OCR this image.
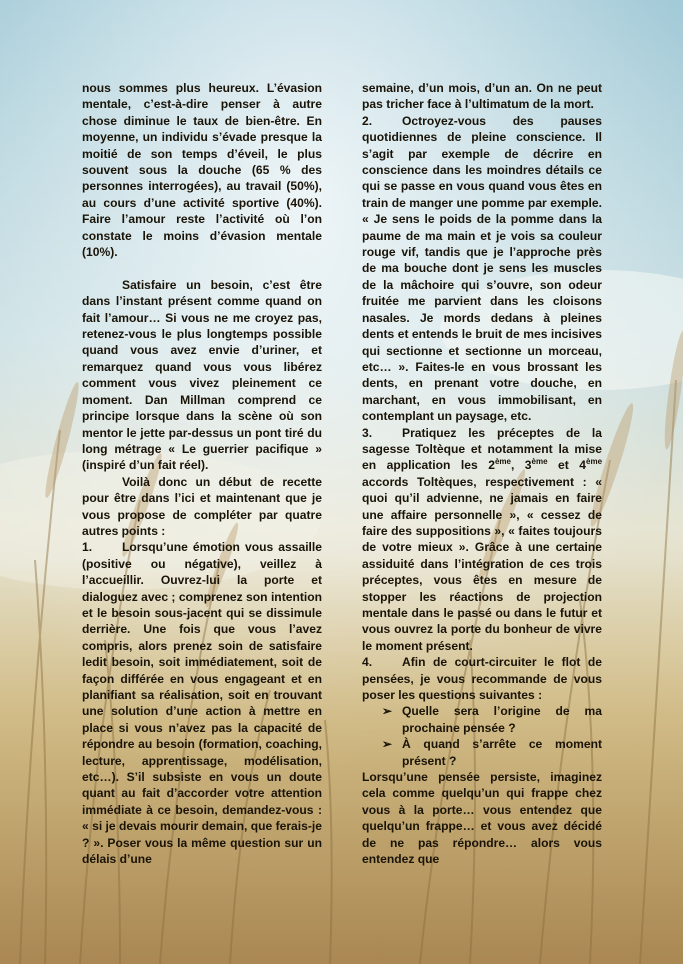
nous sommes plus heureux. L’évasion mentale, c’est-à-dire penser à autre chose diminue le taux de bien-être. En moyenne, un individu s’évade presque la moitié de son temps d’éveil, le plus souvent sous la douche (65 % des personnes interrogées), au travail (50%), au cours d’une activité sportive (40%). Faire l’amour reste l’activité où l’on constate le moins d’évasion mentale (10%).

Satisfaire un besoin, c’est être dans l’instant présent comme quand on fait l’amour… Si vous ne me croyez pas, retenez-vous le plus longtemps possible quand vous avez envie d’uriner, et remarquez quand vous vous libérez comment vous vivez pleinement ce moment. Dan Millman comprend ce principe lorsque dans la scène où son mentor le jette par-dessus un pont tiré du long métrage « Le guerrier pacifique » (inspiré d’un fait réel).

Voilà donc un début de recette pour être dans l’ici et maintenant que je vous propose de compléter par quatre autres points :

1. Lorsqu’une émotion vous assaille (positive ou négative), veillez à l’accueillir. Ouvrez-lui la porte et dialoguez avec ; comprenez son intention et le besoin sous-jacent qui se dissimule derrière. Une fois que vous l’avez compris, alors prenez soin de satisfaire ledit besoin, soit immédiatement, soit de façon différée en vous engageant et en planifiant sa réalisation, soit en trouvant une solution d’une action à mettre en place si vous n’avez pas la capacité de répondre au besoin (formation, coaching, lecture, apprentissage, modélisation, etc…). S’il subsiste en vous un doute quant au fait d’accorder votre attention immédiate à ce besoin, demandez-vous : « si je devais mourir demain, que ferais-je ? ». Poser vous la même question sur un délais d’une

semaine, d’un mois, d’un an. On ne peut pas tricher face à l’ultimatum de la mort.

2. Octroyez-vous des pauses quotidiennes de pleine conscience. Il s’agit par exemple de décrire en conscience dans les moindres détails ce qui se passe en vous quand vous êtes en train de manger une pomme par exemple. « Je sens le poids de la pomme dans la paume de ma main et je vois sa couleur rouge vif, tandis que je l’approche près de ma bouche dont je sens les muscles de la mâchoire qui s’ouvre, son odeur fruitée me parvient dans les cloisons nasales. Je mords dedans à pleines dents et entends le bruit de mes incisives qui sectionne et sectionne un morceau, etc… ». Faites-le en vous brossant les dents, en prenant votre douche, en marchant, en vous immobilisant, en contemplant un paysage, etc.

3. Pratiquez les préceptes de la sagesse Toltèque et notamment la mise en application les 2ème, 3ème et 4ème accords Toltèques, respectivement : « quoi qu’il advienne, ne jamais en faire une affaire personnelle », « cessez de faire des suppositions », « faites toujours de votre mieux ». Grâce à une certaine assiduité dans l’intégration de ces trois préceptes, vous êtes en mesure de stopper les réactions de projection mentale dans le passé ou dans le futur et vous ouvrez la porte du bonheur de vivre le moment présent.

4. Afin de court-circuiter le flot de pensées, je vous recommande de vous poser les questions suivantes :

➢ Quelle sera l’origine de ma prochaine pensée ?
➢ À quand s’arrête ce moment présent ?

Lorsqu’une pensée persiste, imaginez cela comme quelqu’un qui frappe chez vous à la porte… vous entendez que quelqu’un frappe… et vous avez décidé de ne pas répondre… alors vous entendez que
